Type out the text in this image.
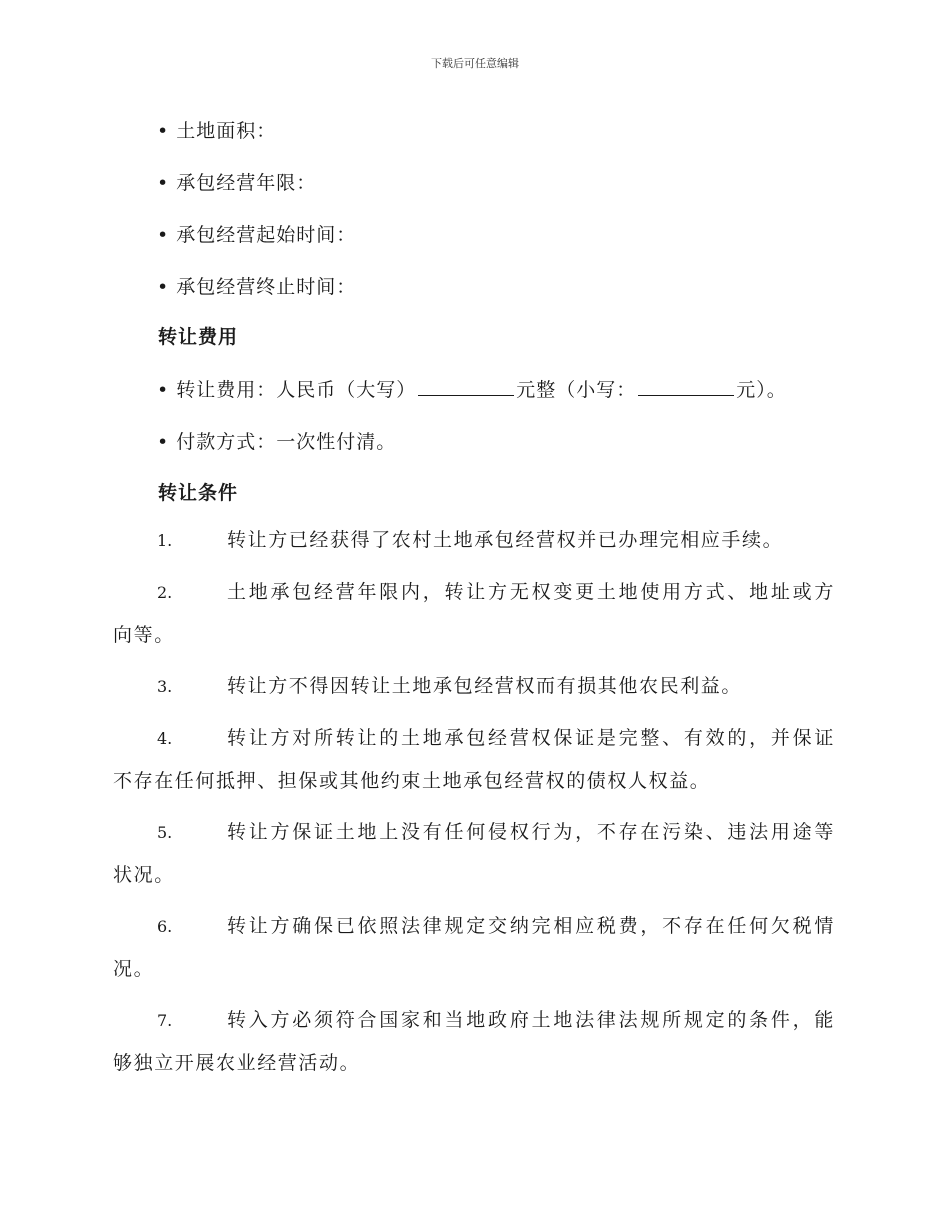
下载后可任意编辑
• 土地面积：
• 承包经营年限：
• 承包经营起始时间：
• 承包经营终止时间：
转让费用
• 转让费用：人民币（大写）	元整（小写：	元）。
• 付款方式：一次性付清。
转让条件
1.	转让方已经获得了农村土地承包经营权并已办理完相应手续。
2.	土地承包经营年限内，转让方无权变更土地使用方式、地址或方
向等。
3.	转让方不得因转让土地承包经营权而有损其他农民利益。
4.	转让方对所转让的土地承包经营权保证是完整、有效的，并保证
不存在任何抵押、担保或其他约束土地承包经营权的债权人权益。
5.	转让方保证土地上没有任何侵权行为，不存在污染、违法用途等
状况。
6.	转让方确保已依照法律规定交纳完相应税费，不存在任何欠税情
况。
7.	转入方必须符合国家和当地政府土地法律法规所规定的条件，能
够独立开展农业经营活动。
